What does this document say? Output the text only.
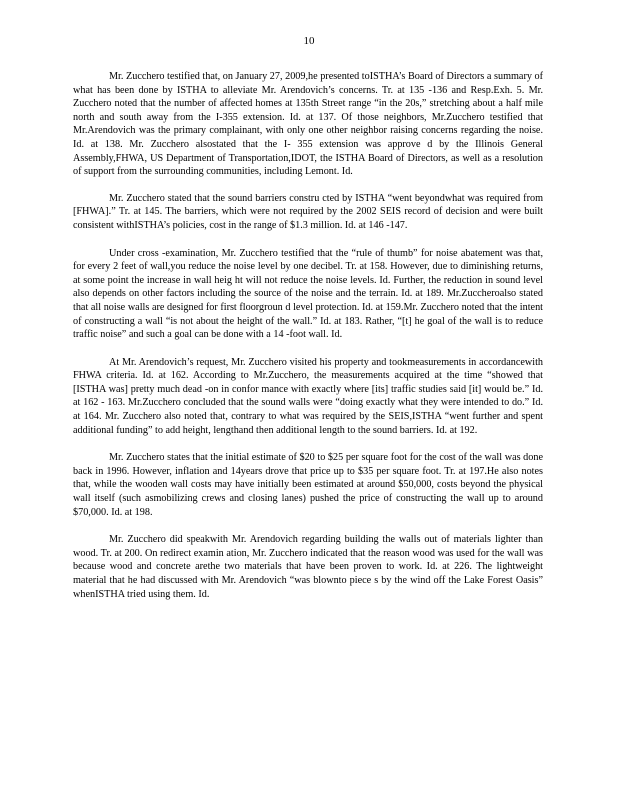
10

Mr. Zucchero testified that, on January 27, 2009,he presented toISTHA’s Board of Directors a summary of what has been done by ISTHA to alleviate Mr. Arendovich’s concerns. Tr. at 135 -136 and Resp.Exh. 5. Mr. Zucchero noted that the number of affected homes at 135th Street range “in the 20s,” stretching about a half mile north and south away from the I-355 extension. Id. at 137. Of those neighbors, Mr.Zucchero testified that Mr.Arendovich was the primary complainant, with only one other neighbor raising concerns regarding the noise. Id. at 138. Mr. Zucchero alsostated that the I- 355 extension was approve d by the Illinois General Assembly,FHWA, US Department of Transportation,IDOT, the ISTHA Board of Directors, as well as a resolution of support from the surrounding communities, including Lemont. Id.

Mr. Zucchero stated that the sound barriers constru cted by ISTHA “went beyondwhat was required from [FHWA].” Tr. at 145. The barriers, which were not required by the 2002 SEIS record of decision and were built consistent withISTHA’s policies, cost in the range of $1.3 million. Id. at 146 -147.

Under cross -examination, Mr. Zucchero testified that the “rule of thumb” for noise abatement was that, for every 2 feet of wall,you reduce the noise level by one decibel. Tr. at 158. However, due to diminishing returns, at some point the increase in wall heig ht will not reduce the noise levels. Id. Further, the reduction in sound level also depends on other factors including the source of the noise and the terrain. Id. at 189. Mr.Zuccheroalso stated that all noise walls are designed for first floorgroun d level protection. Id. at 159.Mr. Zucchero noted that the intent of constructing a wall “is not about the height of the wall.” Id. at 183. Rather, “[t] he goal of the wall is to reduce traffic noise” and such a goal can be done with a 14 -foot wall. Id.

At Mr. Arendovich’s request, Mr. Zucchero visited his property and tookmeasurements in accordancewith FHWA criteria. Id. at 162. According to Mr.Zucchero, the measurements acquired at the time “showed that [ISTHA was] pretty much dead -on in confor mance with exactly where [its] traffic studies said [it] would be.” Id. at 162 - 163. Mr.Zucchero concluded that the sound walls were “doing exactly what they were intended to do.” Id. at 164. Mr. Zucchero also noted that, contrary to what was required by the SEIS,ISTHA “went further and spent additional funding” to add height, lengthand then additional length to the sound barriers. Id. at 192.

Mr. Zucchero states that the initial estimate of $20 to $25 per square foot for the cost of the wall was done back in 1996. However, inflation and 14years drove that price up to $35 per square foot. Tr. at 197.He also notes that, while the wooden wall costs may have initially been estimated at around $50,000, costs beyond the physical wall itself (such asmobilizing crews and closing lanes) pushed the price of constructing the wall up to around $70,000. Id. at 198.

Mr. Zucchero did speakwith Mr. Arendovich regarding building the walls out of materials lighter than wood. Tr. at 200. On redirect examin ation, Mr. Zucchero indicated that the reason wood was used for the wall was because wood and concrete arethe two materials that have been proven to work. Id. at 226. The lightweight material that he had discussed with Mr. Arendovich “was blownto piece s by the wind off the Lake Forest Oasis” whenISTHA tried using them. Id.
